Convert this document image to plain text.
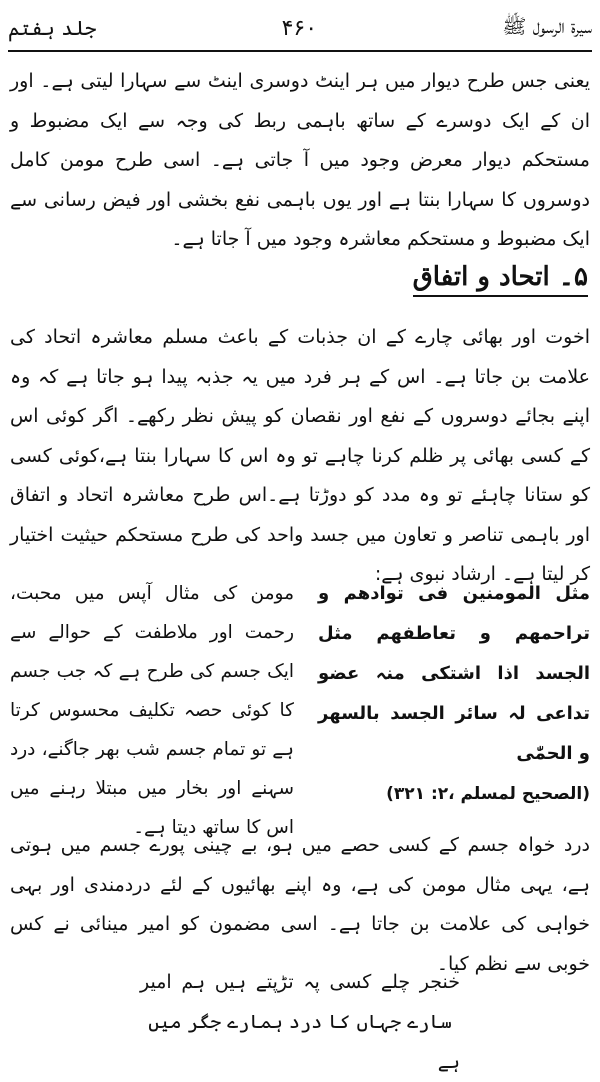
سیرۃ الرسول ﷺ
۴۶۰
جلد ہفتم
یعنی جس طرح دیوار میں ہر اینٹ دوسری اینٹ سے سہارا لیتی ہے۔ اور ان کے ایک دوسرے کے ساتھ باہمی ربط کی وجہ سے ایک مضبوط و مستحکم دیوار معرض وجود میں آ جاتی ہے۔ اسی طرح مومن کامل دوسروں کا سہارا بنتا ہے اور یوں باہمی نفع بخشی اور فیض رسانی سے ایک مضبوط و مستحکم معاشرہ وجود میں آ جاتا ہے۔
۵۔ اتحاد و اتفاق
اخوت اور بھائی چارے کے ان جذبات کے باعث مسلم معاشرہ اتحاد کی علامت بن جاتا ہے۔ اس کے ہر فرد میں یہ جذبہ پیدا ہو جاتا ہے کہ وہ اپنے بجائے دوسروں کے نفع اور نقصان کو پیش نظر رکھے۔ اگر کوئی اس کے کسی بھائی پر ظلم کرنا چاہے تو وہ اس کا سہارا بنتا ہے،کوئی کسی کو ستانا چاہئے تو وہ مدد کو دوڑتا ہے۔اس طرح معاشرہ اتحاد و اتفاق اور باہمی تناصر و تعاون میں جسد واحد کی طرح مستحکم حیثیت اختیار کر لیتا ہے۔ ارشاد نبوی ہے:
مثل المومنین فی توادھم و تراحمھم و تعاطفھم مثل الجسد اذا اشتکی منہ عضو تداعی لہ سائر الجسد بالسھر و الحمّٰی
(الصحیح لمسلم ،۲: ۳۲۱)
مومن کی مثال آپس میں محبت، رحمت اور ملاطفت کے حوالے سے ایک جسم کی طرح ہے کہ جب جسم کا کوئی حصہ تکلیف محسوس کرتا ہے تو تمام جسم شب بھر جاگنے، درد سہنے اور بخار میں مبتلا رہنے میں اس کا ساتھ دیتا ہے۔
درد خواہ جسم کے کسی حصے میں ہو، بے چینی پورے جسم میں ہوتی ہے، یہی مثال مومن کی ہے، وہ اپنے بھائیوں کے لئے دردمندی اور بہی خواہی کی علامت بن جاتا ہے۔ اسی مضمون کو امیر مینائی نے کس خوبی سے نظم کیا۔
خنجر چلے کسی پہ تڑپتے ہیں ہم امیر
سارے جہاں کا درد ہمارے جگر میں ہے
